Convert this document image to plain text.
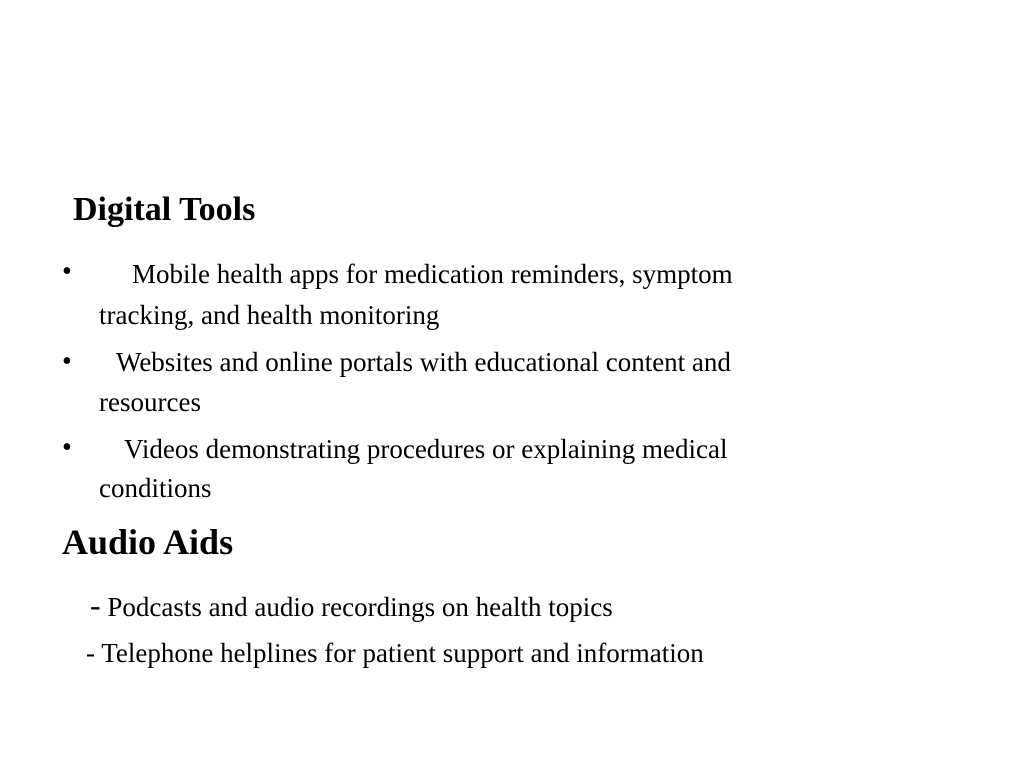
Digital Tools
• Mobile health apps for medication reminders, symptom
tracking, and health monitoring
• Websites and online portals with educational content and
resources
• Videos demonstrating procedures or explaining medical
conditions
Audio Aids
- Podcasts and audio recordings on health topics
- Telephone helplines for patient support and information
